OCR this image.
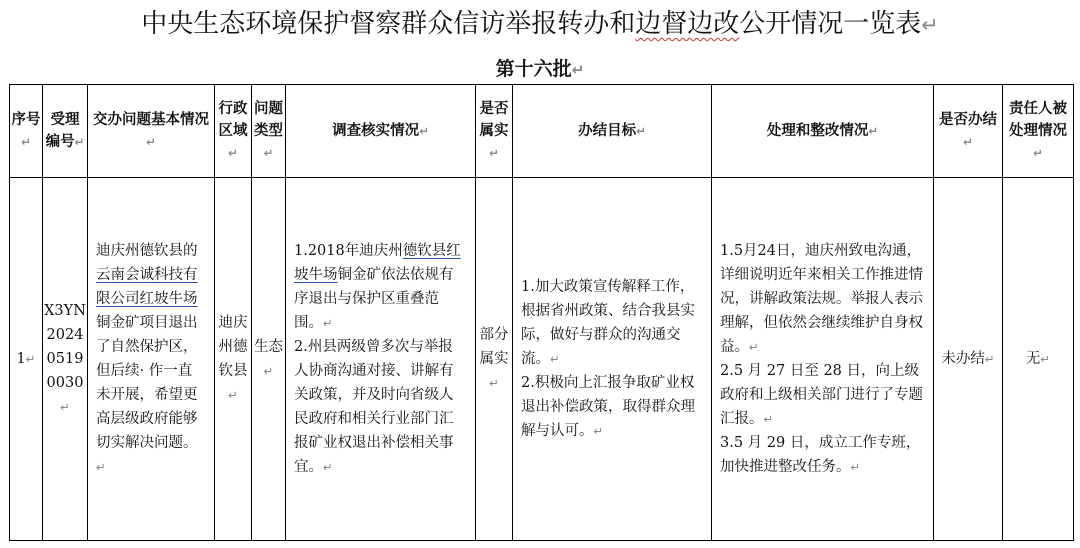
中央生态环境保护督察群众信访举报转办和边督边改公开情况一览表↵
第十六批↵
序号↵	受理编号↵	交办问题基本情况↵	行政区域↵	问题类型↵	调查核实情况↵	是否属实↵	办结目标↵	处理和整改情况↵	是否办结↵	责任人被处理情况↵
1↵	X3YN202405190030↵	迪庆州德钦县的云南会诚科技有限公司红坡牛场铜金矿项目退出了自然保护区，但后续· 作一直未开展，希望更高层级政府能够切实解决问题。↵	迪庆州德钦县↵	生态↵	1.2018年迪庆州德钦县红坡牛场铜金矿依法依规有序退出与保护区重叠范围。↵
2.州县两级曾多次与举报人协商沟通对接、讲解有关政策，并及时向省级人民政府和相关行业部门汇报矿业权退出补偿相关事宜。↵	部分属实↵	1.加大政策宣传解释工作，根据省州政策、结合我县实际，做好与群众的沟通交流。↵
2.积极向上汇报争取矿业权退出补偿政策，取得群众理解与认可。↵	1.5月24日，迪庆州致电沟通，详细说明近年来相关工作推进情况，讲解政策法规。举报人表示理解，但依然会继续维护自身权益。↵
2.5 月 27 日至 28 日，向上级政府和上级相关部门进行了专题汇报。↵
3.5 月 29 日，成立工作专班，加快推进整改任务。↵	未办结↵	无↵
